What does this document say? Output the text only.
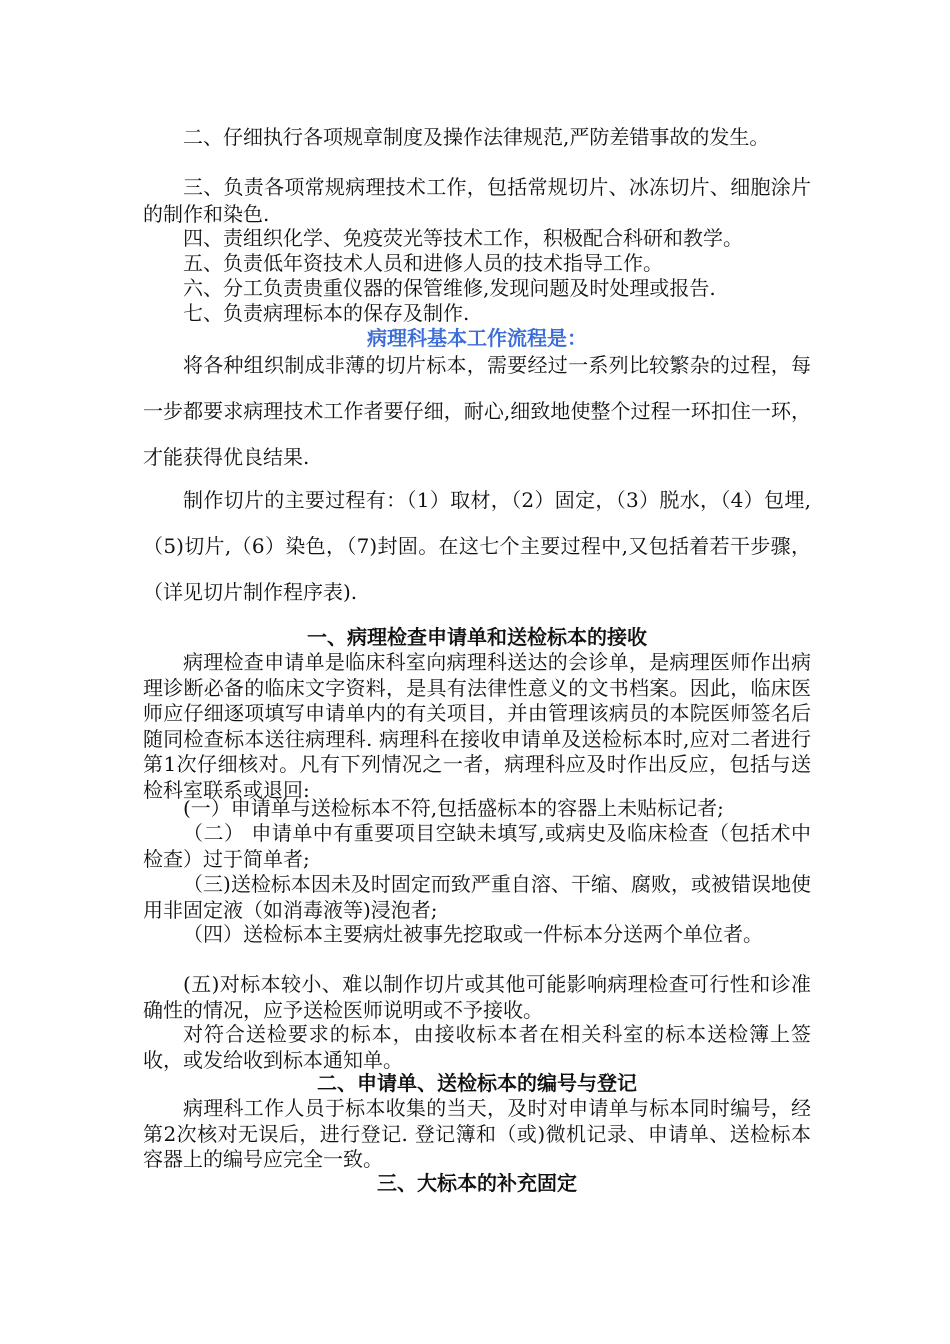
二、仔细执行各项规章制度及操作法律规范,严防差错事故的发生。

三、负责各项常规病理技术工作，包括常规切片、冰冻切片、细胞涂片的制作和染色.

四、责组织化学、免疫荧光等技术工作，积极配合科研和教学。

五、负责低年资技术人员和进修人员的技术指导工作。

六、分工负责贵重仪器的保管维修,发现问题及时处理或报告.

七、负责病理标本的保存及制作.

病理科基本工作流程是：

将各种组织制成非薄的切片标本，需要经过一系列比较繁杂的过程，每一步都要求病理技术工作者要仔细，耐心,细致地使整个过程一环扣住一环，才能获得优良结果.

制作切片的主要过程有：（1）取材，（2）固定，（3）脱水，（4）包埋,（5)切片,（6）染色，（7)封固。在这七个主要过程中,又包括着若干步骤，（详见切片制作程序表).

一、病理检查申请单和送检标本的接收

病理检查申请单是临床科室向病理科送达的会诊单，是病理医师作出病理诊断必备的临床文字资料，是具有法律性意义的文书档案。因此，临床医师应仔细逐项填写申请单内的有关项目，并由管理该病员的本院医师签名后随同检查标本送往病理科. 病理科在接收申请单及送检标本时,应对二者进行第1次仔细核对。凡有下列情况之一者，病理科应及时作出反应，包括与送检科室联系或退回:

(一）申请单与送检标本不符,包括盛标本的容器上未贴标记者;

（二） 申请单中有重要项目空缺未填写,或病史及临床检查（包括术中检查）过于简单者;

（三)送检标本因未及时固定而致严重自溶、干缩、腐败，或被错误地使用非固定液（如消毒液等)浸泡者;

（四）送检标本主要病灶被事先挖取或一件标本分送两个单位者。

(五)对标本较小、难以制作切片或其他可能影响病理检查可行性和诊准确性的情况，应予送检医师说明或不予接收。

对符合送检要求的标本，由接收标本者在相关科室的标本送检簿上签收，或发给收到标本通知单。

二、申请单、送检标本的编号与登记

病理科工作人员于标本收集的当天，及时对申请单与标本同时编号，经第2次核对无误后，进行登记. 登记簿和（或)微机记录、申请单、送检标本容器上的编号应完全一致。

三、大标本的补充固定
